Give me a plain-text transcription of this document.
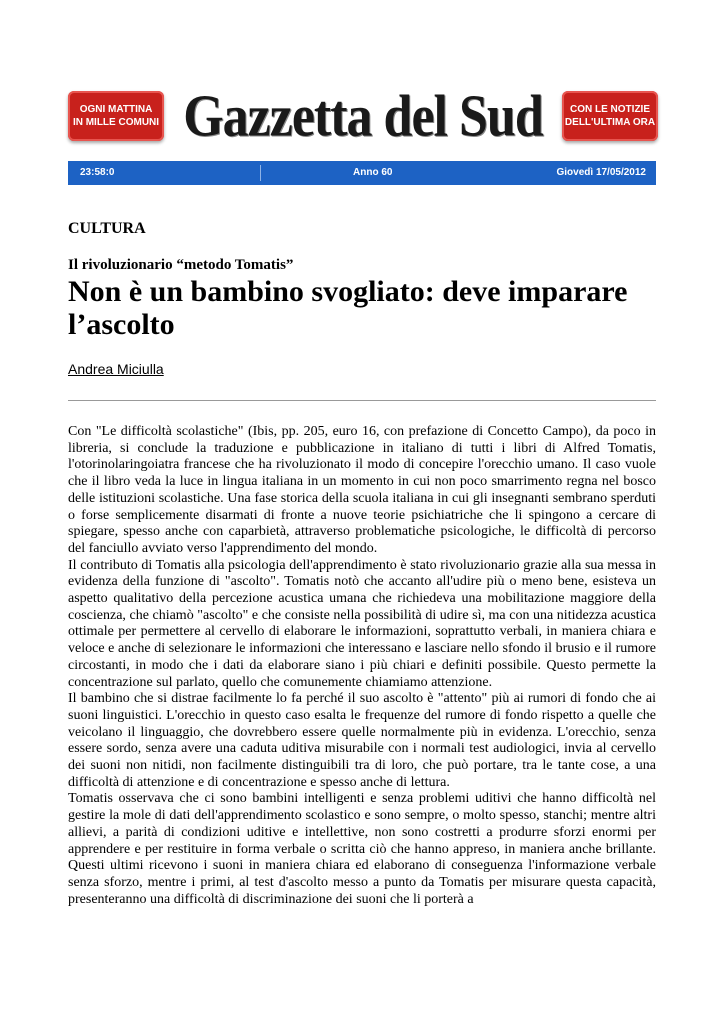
OGNI MATTINA
IN MILLE COMUNI Gazzetta del Sud	CON LE NOTIZIE
DELL'ULTIMA ORA
23:58:0	Anno 60	Giovedì 17/05/2012
CULTURA
Il rivoluzionario “metodo Tomatis”
Non è un bambino svogliato: deve imparare l’ascolto
Andrea Miciulla

Con "Le difficoltà scolastiche" (Ibis, pp. 205, euro 16, con prefazione di Concetto Campo), da poco in libreria, si conclude la traduzione e pubblicazione in italiano di tutti i libri di Alfred Tomatis, l'otorinolaringoiatra francese che ha rivoluzionato il modo di concepire l'orecchio umano. Il caso vuole che il libro veda la luce in lingua italiana in un momento in cui non poco smarrimento regna nel bosco delle istituzioni scolastiche. Una fase storica della scuola italiana in cui gli insegnanti sembrano sperduti o forse semplicemente disarmati di fronte a nuove teorie psichiatriche che li spingono a cercare di spiegare, spesso anche con caparbietà, attraverso problematiche psicologiche, le difficoltà di percorso del fanciullo avviato verso l'apprendimento del mondo.

Il contributo di Tomatis alla psicologia dell'apprendimento è stato rivoluzionario grazie alla sua messa in evidenza della funzione di "ascolto". Tomatis notò che accanto all'udire più o meno bene, esisteva un aspetto qualitativo della percezione acustica umana che richiedeva una mobilitazione maggiore della coscienza, che chiamò "ascolto" e che consiste nella possibilità di udire sì, ma con una nitidezza acustica ottimale per permettere al cervello di elaborare le informazioni, soprattutto verbali, in maniera chiara e veloce e anche di selezionare le informazioni che interessano e lasciare nello sfondo il brusio e il rumore circostanti, in modo che i dati da elaborare siano i più chiari e definiti possibile. Questo permette la concentrazione sul parlato, quello che comunemente chiamiamo attenzione.

Il bambino che si distrae facilmente lo fa perché il suo ascolto è "attento" più ai rumori di fondo che ai suoni linguistici. L'orecchio in questo caso esalta le frequenze del rumore di fondo rispetto a quelle che veicolano il linguaggio, che dovrebbero essere quelle normalmente più in evidenza. L'orecchio, senza essere sordo, senza avere una caduta uditiva misurabile con i normali test audiologici, invia al cervello dei suoni non nitidi, non facilmente distinguibili tra di loro, che può portare, tra le tante cose, a una difficoltà di attenzione e di concentrazione e spesso anche di lettura.

Tomatis osservava che ci sono bambini intelligenti e senza problemi uditivi che hanno difficoltà nel gestire la mole di dati dell'apprendimento scolastico e sono sempre, o molto spesso, stanchi; mentre altri allievi, a parità di condizioni uditive e intellettive, non sono costretti a produrre sforzi enormi per apprendere e per restituire in forma verbale o scritta ciò che hanno appreso, in maniera anche brillante. Questi ultimi ricevono i suoni in maniera chiara ed elaborano di conseguenza l'informazione verbale senza sforzo, mentre i primi, al test d'ascolto messo a punto da Tomatis per misurare questa capacità, presenteranno una difficoltà di discriminazione dei suoni che li porterà a
